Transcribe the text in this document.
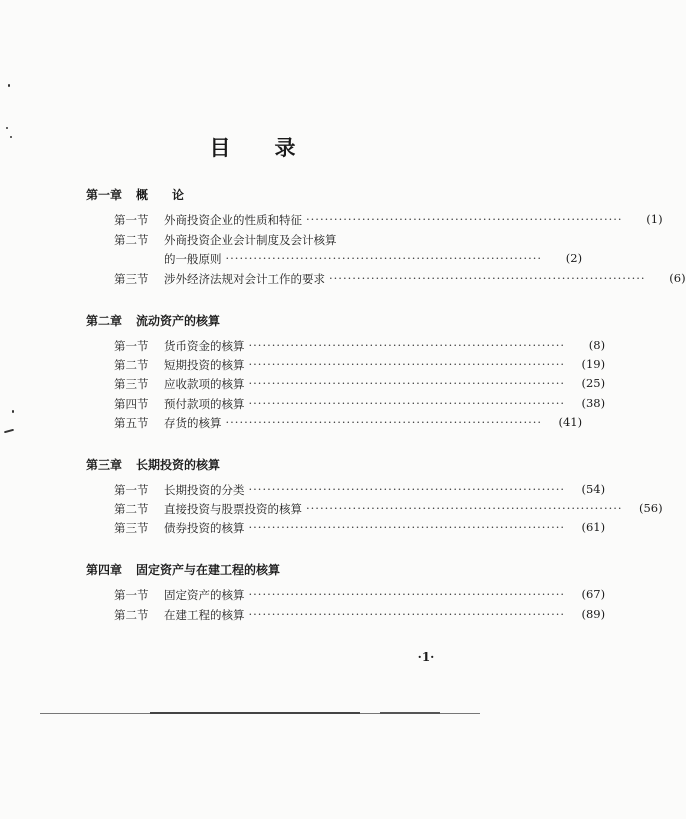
目 录
第一章 概　　论
第一节 外商投资企业的性质和特征 ····································································	(1)
第二节 外商投资企业会计制度及会计核算
的一般原则 ····································································	(2)
第三节 涉外经济法规对会计工作的要求 ····································································	(6)
第二章 流动资产的核算
第一节 货币资金的核算 ····································································	(8)
第二节 短期投资的核算 ····································································	(19)
第三节 应收款项的核算 ····································································	(25)
第四节 预付款项的核算 ····································································	(38)
第五节 存货的核算 ····································································	(41)
第三章 长期投资的核算
第一节 长期投资的分类 ····································································	(54)
第二节 直接投资与股票投资的核算 ····································································	(56)
第三节 债券投资的核算 ····································································	(61)
第四章 固定资产与在建工程的核算
第一节 固定资产的核算 ····································································	(67)
第二节 在建工程的核算 ····································································	(89)
·1·
